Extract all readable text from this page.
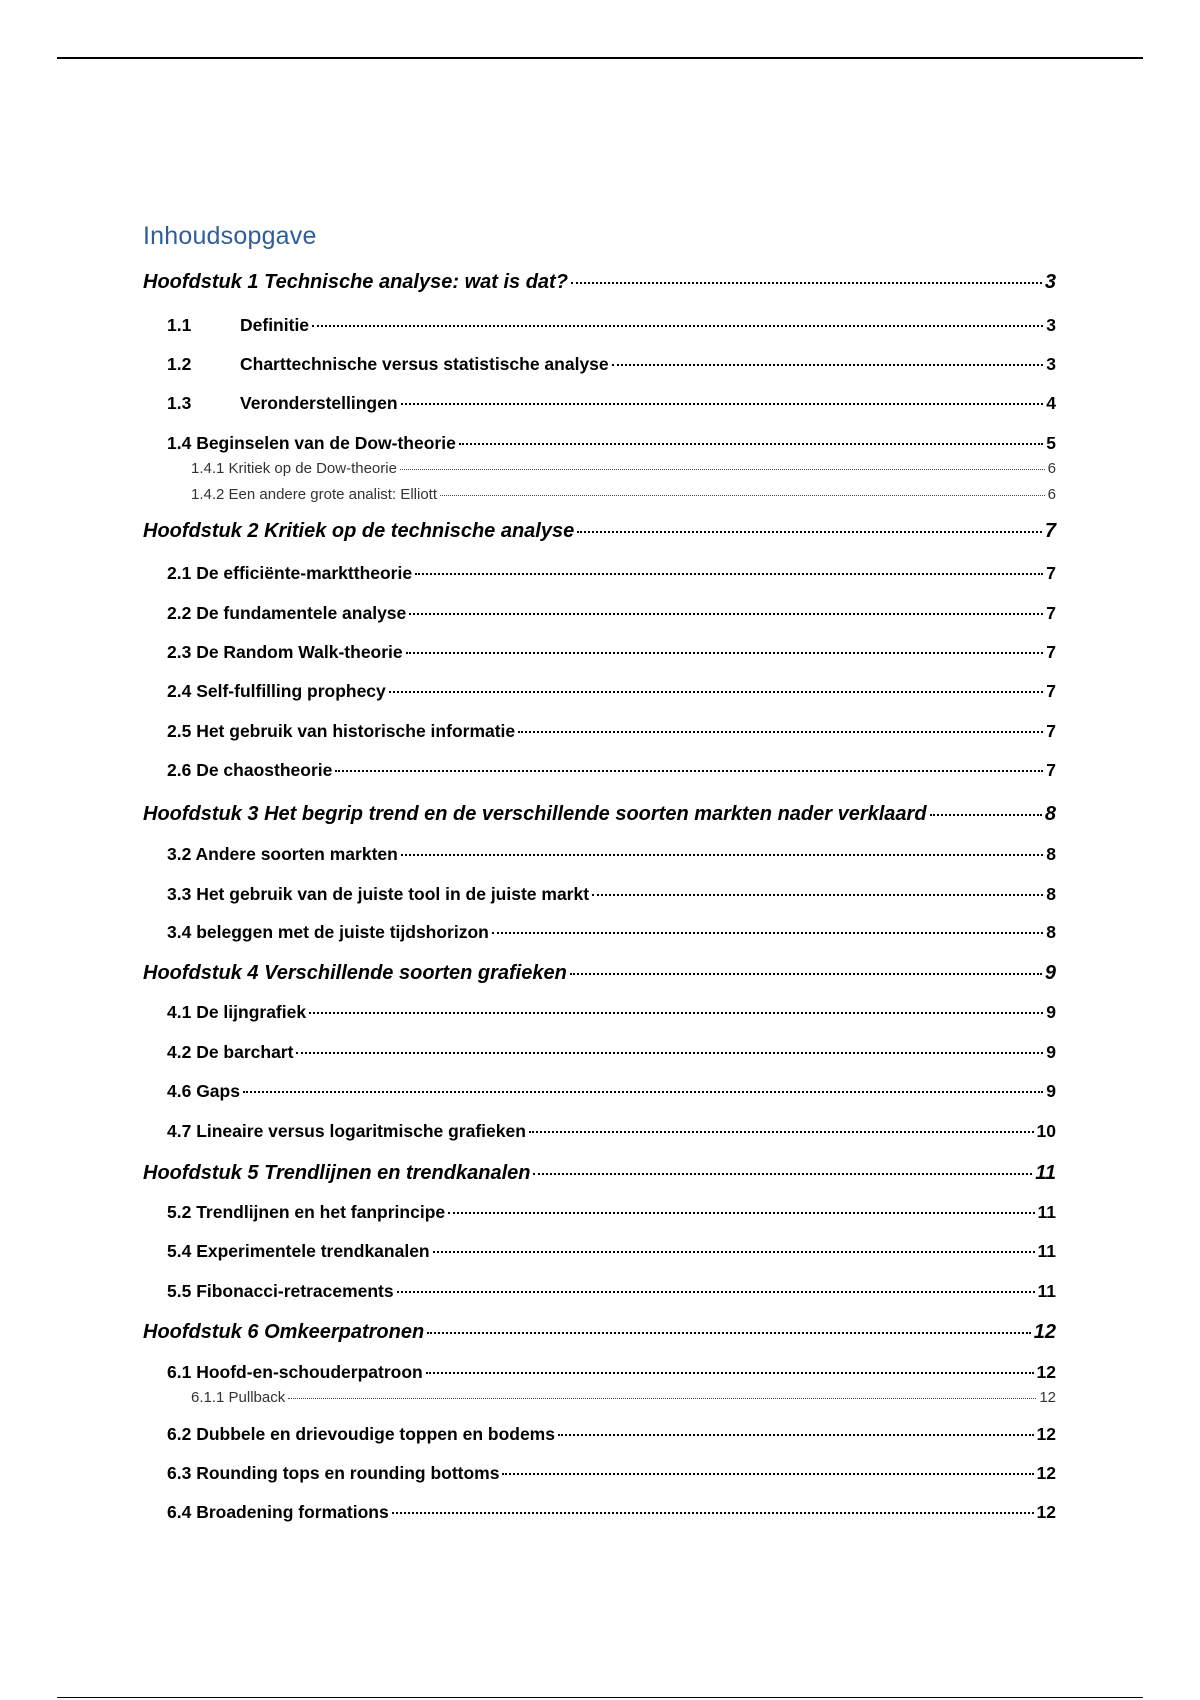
Inhoudsopgave
Hoofdstuk 1 Technische analyse: wat is dat?	3
1.1	Definitie	3
1.2	Charttechnische versus statistische analyse	3
1.3	Veronderstellingen	4
1.4 Beginselen van de Dow-theorie	5
1.4.1 Kritiek op de Dow-theorie	6
1.4.2 Een andere grote analist: Elliott	6
Hoofdstuk 2 Kritiek op de technische analyse	7
2.1 De efficiënte-markttheorie	7
2.2 De fundamentele analyse	7
2.3 De Random Walk-theorie	7
2.4 Self-fulfilling prophecy	7
2.5 Het gebruik van historische informatie	7
2.6 De chaostheorie	7
Hoofdstuk 3 Het begrip trend en de verschillende soorten markten nader verklaard	8
3.2 Andere soorten markten	8
3.3 Het gebruik van de juiste tool in de juiste markt	8
3.4 beleggen met de juiste tijdshorizon	8
Hoofdstuk 4 Verschillende soorten grafieken	9
4.1 De lijngrafiek	9
4.2 De barchart	9
4.6 Gaps	9
4.7 Lineaire versus logaritmische grafieken	10
Hoofdstuk 5 Trendlijnen en trendkanalen	11
5.2 Trendlijnen en het fanprincipe	11
5.4 Experimentele trendkanalen	11
5.5 Fibonacci-retracements	11
Hoofdstuk 6 Omkeerpatronen	12
6.1 Hoofd-en-schouderpatroon	12
6.1.1 Pullback	12
6.2 Dubbele en drievoudige toppen en bodems	12
6.3 Rounding tops en rounding bottoms	12
6.4 Broadening formations	12
